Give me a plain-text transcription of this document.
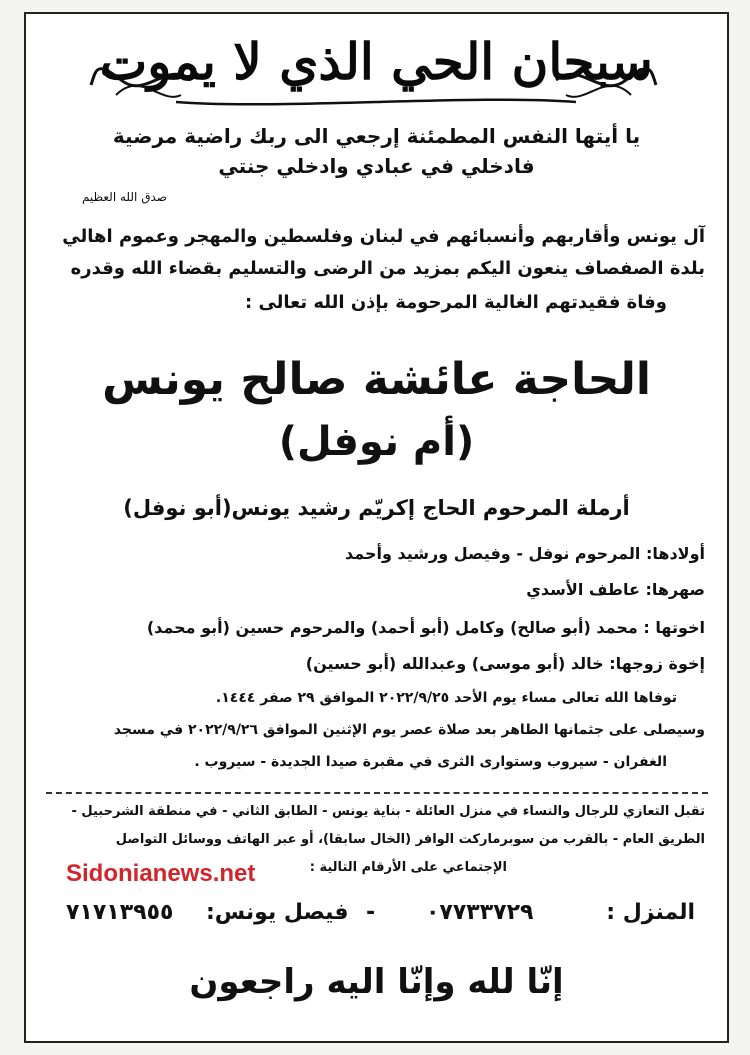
سبحان الحي الذي لا يموت
يا أيتها النفس المطمئنة إرجعي الى ربك راضية مرضية
فادخلي في عبادي وادخلي جنتي
صدق الله العظيم
آل يونس وأقاربهم وأنسبائهم في لبنان وفلسطين والمهجر وعموم اهالي
بلدة الصفصاف ينعون اليكم بمزيد من الرضى والتسليم بقضاء الله وقدره
وفاة فقيدتهم الغالية المرحومة بإذن الله تعالى :
الحاجة عائشة صالح يونس
(أم نوفل)
أرملة المرحوم الحاج إكريّم رشيد يونس(أبو نوفل)
أولادها: المرحوم نوفل - وفيصل ورشيد وأحمد
صهرها: عاطف الأسدي
اخوتها : محمد (أبو صالح) وكامل (أبو أحمد) والمرحوم حسين (أبو محمد)
إخوة زوجها: خالد (أبو موسى) وعبدالله (أبو حسين)
توفاها الله تعالى مساء يوم الأحد ٢٠٢٢/٩/٢٥ الموافق ٢٩ صفر ١٤٤٤.
وسيصلى على جثمانها الطاهر بعد صلاة عصر يوم الإثنين الموافق ٢٠٢٢/٩/٢٦ في مسجد
الغفران - سيروب وستوارى الثرى في مقبرة صيدا الجديدة - سيروب .
تقبل التعازي للرجال والنساء في منزل العائلة - بناية يونس - الطابق الثاني - في منطقة الشرحبيل -
الطريق العام - بالقرب من سوبرماركت الوافر (الخال سابقا)، أو عبر الهاتف ووسائل التواصل
الإجتماعي على الأرقام التالية :
Sidonianews.net
المنزل :
٠٧٧٣٣٧٢٩
-
فيصل يونس:
٧١٧١٣٩٥٥
إنّا لله وإنّا اليه راجعون
